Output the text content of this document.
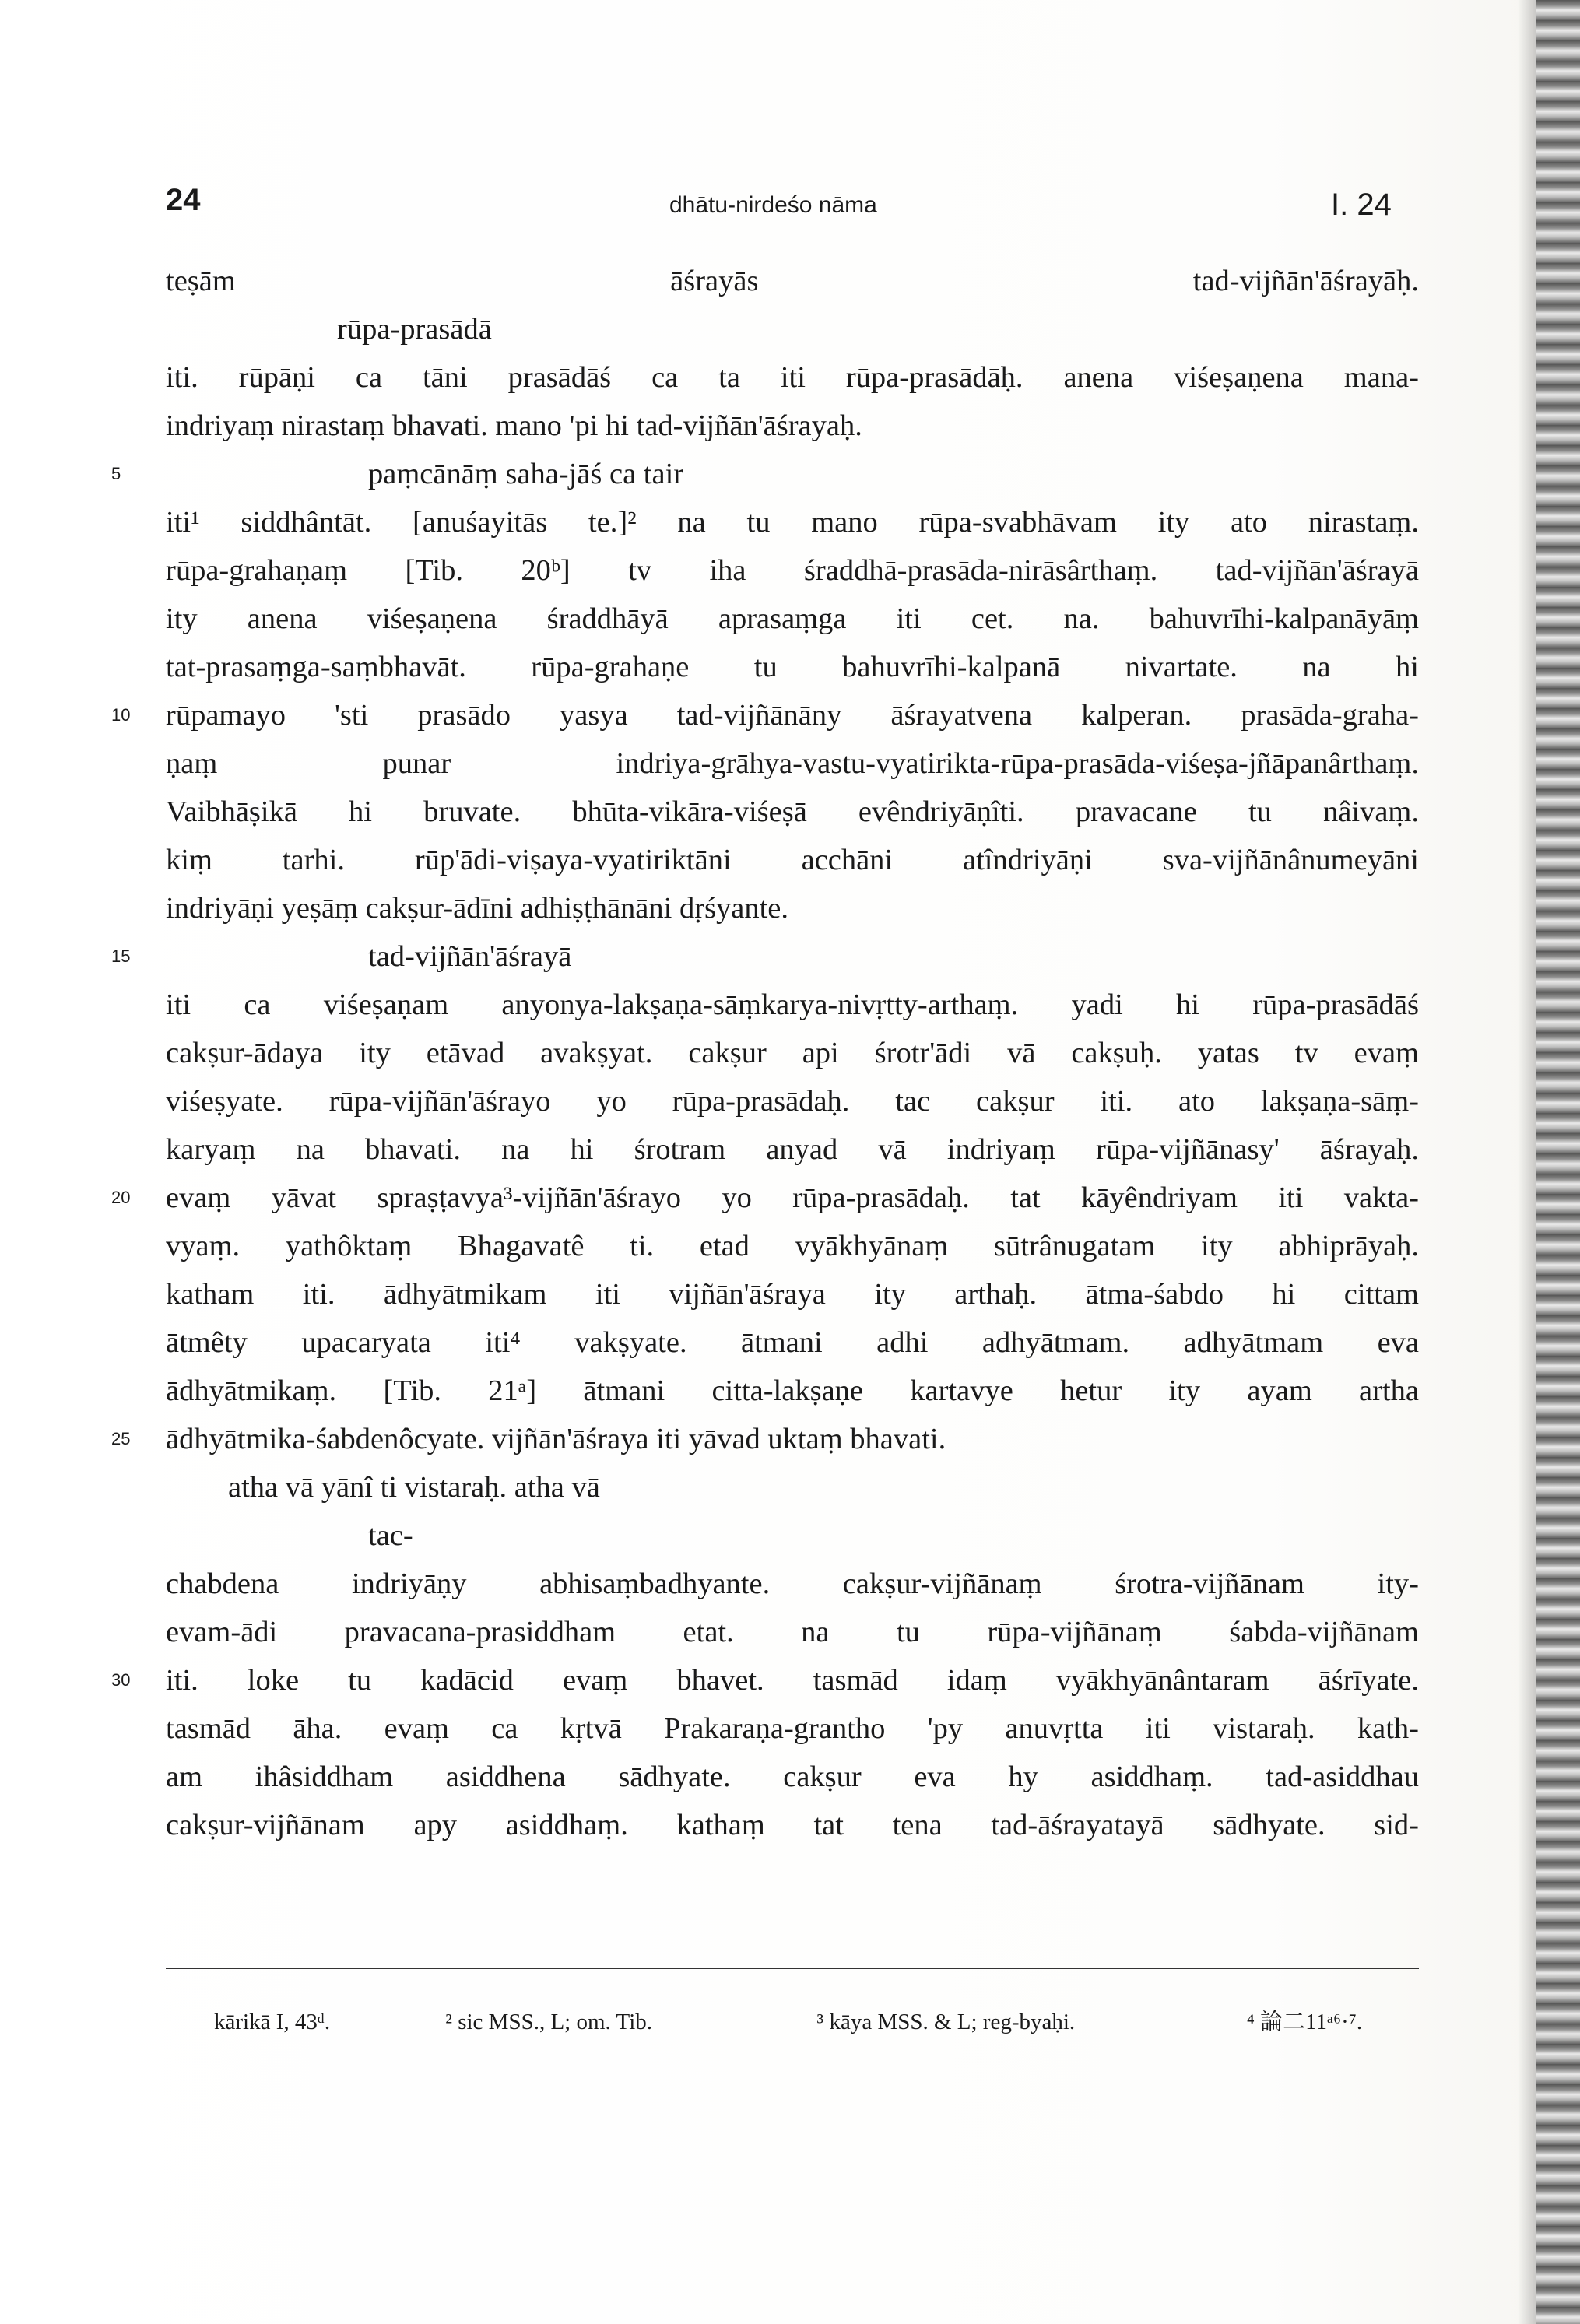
24	dhātu-nirdeśo nāma	I. 24
teṣām āśrayās tad-vijñān'āśrayāḥ.
rūpa-prasādā
iti. rūpāṇi ca tāni prasādāś ca ta iti rūpa-prasādāḥ. anena viśeṣaṇena mana-
indriyaṃ nirastaṃ bhavati. mano 'pi hi tad-vijñān'āśrayaḥ.
5	paṃcānāṃ saha-jāś ca tair
iti¹ siddhântāt. [anuśayitās te.]² na tu mano rūpa-svabhāvam ity ato nirastaṃ.
rūpa-grahaṇaṃ [Tib. 20ᵇ] tv iha śraddhā-prasāda-nirāsârthaṃ. tad-vijñān'āśrayā
ity anena viśeṣaṇena śraddhāyā aprasaṃga iti cet. na. bahuvrīhi-kalpanāyāṃ
tat-prasaṃga-saṃbhavāt. rūpa-grahaṇe tu bahuvrīhi-kalpanā nivartate. na hi
10 rūpamayo 'sti prasādo yasya tad-vijñānāny āśrayatvena kalperan. prasāda-graha-
ṇaṃ punar indriya-grāhya-vastu-vyatirikta-rūpa-prasāda-viśeṣa-jñāpanârthaṃ.
Vaibhāṣikā hi bruvate. bhūta-vikāra-viśeṣā evêndriyāṇîti. pravacane tu nâivaṃ.
kiṃ tarhi. rūp'ādi-viṣaya-vyatiriktāni acchāni atîndriyāṇi sva-vijñānânumeyāni
indriyāṇi yeṣāṃ cakṣur-ādīni adhiṣṭhānāni dṛśyante.
15	tad-vijñān'āśrayā
iti ca viśeṣaṇam anyonya-lakṣaṇa-sāṃkarya-nivṛtty-arthaṃ. yadi hi rūpa-prasādāś
cakṣur-ādaya ity etāvad avakṣyat. cakṣur api śrotr'ādi vā cakṣuḥ. yatas tv evaṃ
viśeṣyate. rūpa-vijñān'āśrayo yo rūpa-prasādaḥ. tac cakṣur iti. ato lakṣaṇa-sāṃ-
karyaṃ na bhavati. na hi śrotram anyad vā indriyaṃ rūpa-vijñānasy' āśrayaḥ.
20 evaṃ yāvat spraṣṭavya³-vijñān'āśrayo yo rūpa-prasādaḥ. tat kāyêndriyam iti vakta-
vyaṃ. yathôktaṃ Bhagavatê ti. etad vyākhyānaṃ sūtrânugatam ity abhiprāyaḥ.
katham iti. ādhyātmikam iti vijñān'āśraya ity arthaḥ. ātma-śabdo hi cittam
ātmêty upacaryata iti⁴ vakṣyate. ātmani adhi adhyātmam. adhyātmam eva
ādhyātmikaṃ. [Tib. 21ᵃ] ātmani citta-lakṣaṇe kartavye hetur ity ayam artha
25 ādhyātmika-śabdenôcyate. vijñān'āśraya iti yāvad uktaṃ bhavati.
atha vā yānî ti vistaraḥ. atha vā
tac-
chabdena indriyāṇy abhisaṃbadhyante. cakṣur-vijñānaṃ śrotra-vijñānam ity-
evam-ādi pravacana-prasiddham etat. na tu rūpa-vijñānaṃ śabda-vijñānam
30 iti. loke tu kadācid evaṃ bhavet. tasmād idaṃ vyākhyānântaram āśrīyate.
tasmād āha. evaṃ ca kṛtvā Prakaraṇa-grantho 'py anuvṛtta iti vistaraḥ. kath-
am ihâsiddham asiddhena sādhyate. cakṣur eva hy asiddhaṃ. tad-asiddhau
cakṣur-vijñānam apy asiddhaṃ. kathaṃ tat tena tad-āśrayatayā sādhyate. sid-
kārikā I, 43ᵈ.	² sic MSS., L; om. Tib.	³ kāya MSS. & L; reg-byaḥi.	⁴ 論二11ᵃ⁶·⁷.
